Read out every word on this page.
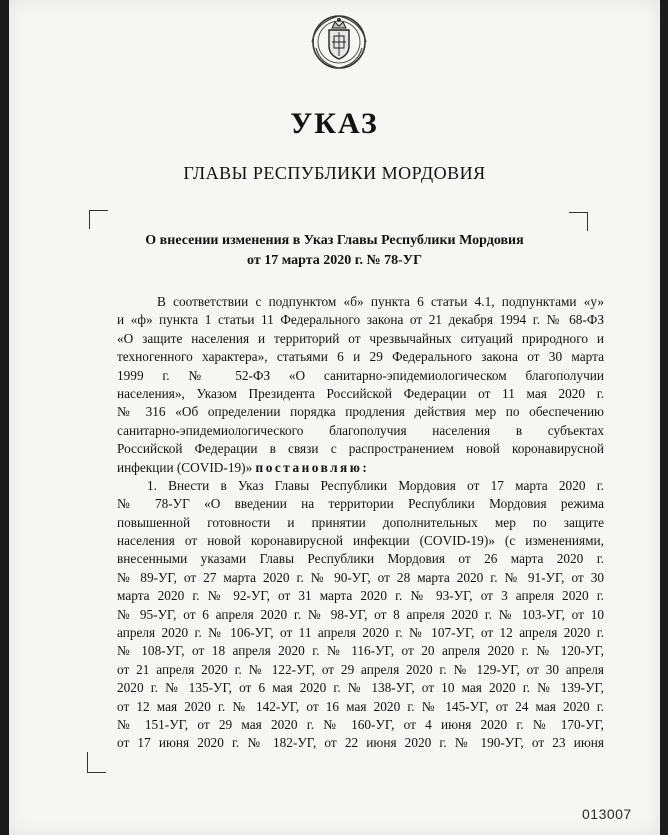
УКАЗ
ГЛАВЫ РЕСПУБЛИКИ МОРДОВИЯ
О внесении изменения в Указ Главы Республики Мордовия
от 17 марта 2020 г. № 78-УГ
В соответствии с подпунктом «б» пункта 6 статьи 4.1, подпунктами «у»
и «ф» пункта 1 статьи 11 Федерального закона от 21 декабря 1994 г. № 68-ФЗ
«О защите населения и территорий от чрезвычайных ситуаций природного и
техногенного характера», статьями 6 и 29 Федерального закона от 30 марта
1999 г. № 52-ФЗ «О санитарно-эпидемиологическом благополучии
населения», Указом Президента Российской Федерации от 11 мая 2020 г.
№ 316 «Об определении порядка продления действия мер по обеспечению
санитарно-эпидемиологического благополучия населения в субъектах
Российской Федерации в связи с распространением новой коронавирусной
инфекции (COVID-19)» постановляю:
1. Внести в Указ Главы Республики Мордовия от 17 марта 2020 г.
№ 78-УГ «О введении на территории Республики Мордовия режима
повышенной готовности и принятии дополнительных мер по защите
населения от новой коронавирусной инфекции (COVID-19)» (с изменениями,
внесенными указами Главы Республики Мордовия от 26 марта 2020 г.
№ 89-УГ, от 27 марта 2020 г. № 90-УГ, от 28 марта 2020 г. № 91-УГ, от 30
марта 2020 г. № 92-УГ, от 31 марта 2020 г. № 93-УГ, от 3 апреля 2020 г.
№ 95-УГ, от 6 апреля 2020 г. № 98-УГ, от 8 апреля 2020 г. № 103-УГ, от 10
апреля 2020 г. № 106-УГ, от 11 апреля 2020 г. № 107-УГ, от 12 апреля 2020 г.
№ 108-УГ, от 18 апреля 2020 г. № 116-УГ, от 20 апреля 2020 г. № 120-УГ,
от 21 апреля 2020 г. № 122-УГ, от 29 апреля 2020 г. № 129-УГ, от 30 апреля
2020 г. № 135-УГ, от 6 мая 2020 г. № 138-УГ, от 10 мая 2020 г. № 139-УГ,
от 12 мая 2020 г. № 142-УГ, от 16 мая 2020 г. № 145-УГ, от 24 мая 2020 г.
№ 151-УГ, от 29 мая 2020 г. № 160-УГ, от 4 июня 2020 г. № 170-УГ,
от 17 июня 2020 г. № 182-УГ, от 22 июня 2020 г. № 190-УГ, от 23 июня
013007
